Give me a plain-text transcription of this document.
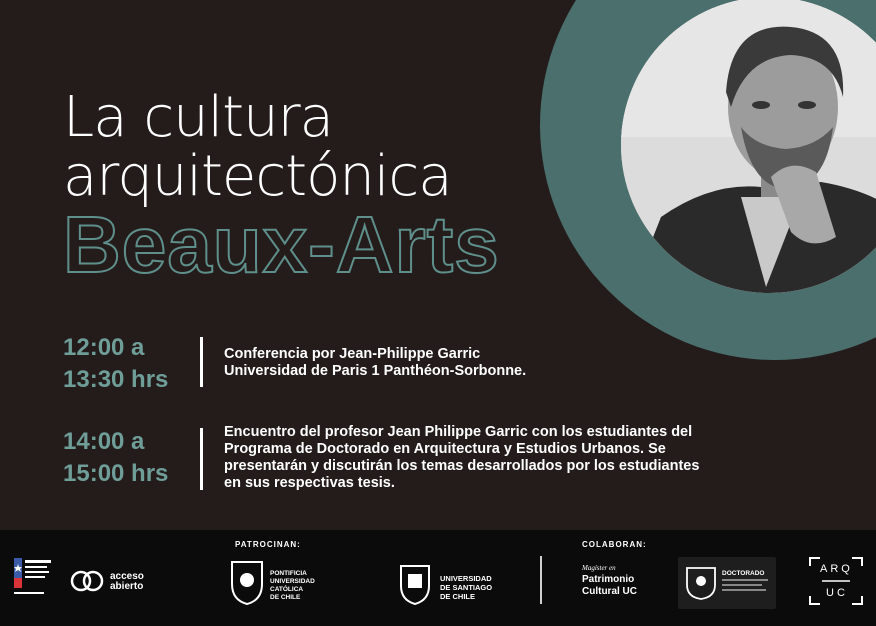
La cultura
arquitectónica
Beaux-Arts
12:00 a
13:30 hrs
Conferencia por Jean-Philippe Garric
Universidad de Paris 1 Panthéon-Sorbonne.
14:00 a
15:00 hrs
Encuentro del profesor Jean Philippe Garric con los estudiantes del
Programa de Doctorado en Arquitectura y Estudios Urbanos. Se
presentarán y discutirán los temas desarrollados por los estudiantes
en sus respectivas tesis.
acceso
abierto
PATROCINAN:
PONTIFICIA
UNIVERSIDAD
CATÓLICA
DE CHILE
UNIVERSIDAD
DE SANTIAGO
DE CHILE
COLABORAN:
Magíster en
Patrimonio
Cultural UC
DOCTORADO	ARQ
UC
